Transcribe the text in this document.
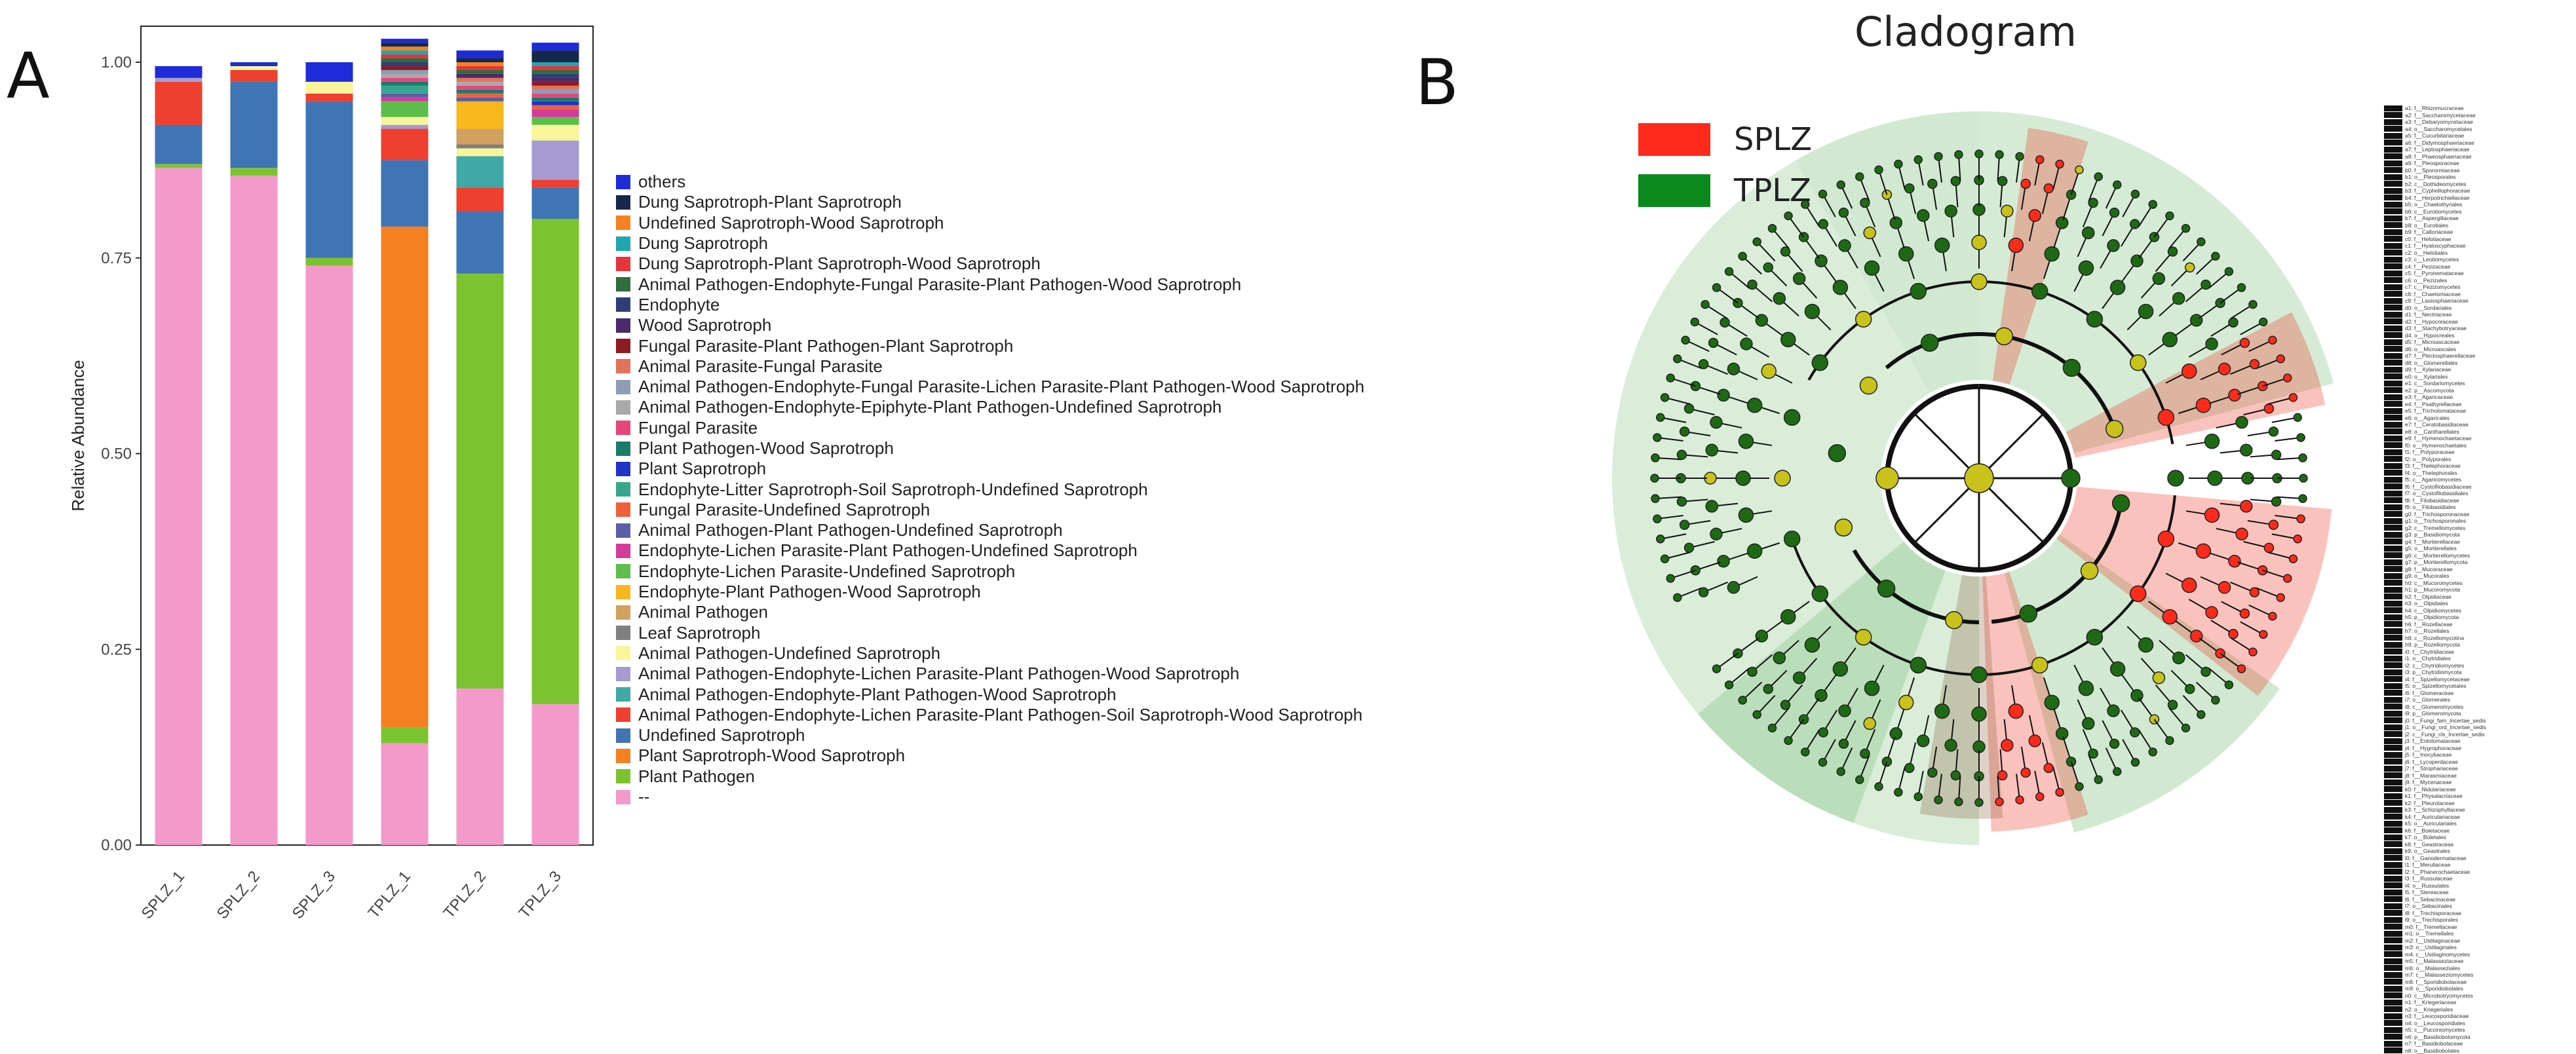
A	B
0.00
0.25
0.50
0.75
1.00
SPLZ_1 SPLZ_2 SPLZ_3 TPLZ_1 TPLZ_2 TPLZ_3
Relative Abundance
others
Dung Saprotroph-Plant Saprotroph
Undefined Saprotroph-Wood Saprotroph
Dung Saprotroph
Dung Saprotroph-Plant Saprotroph-Wood Saprotroph
Animal Pathogen-Endophyte-Fungal Parasite-Plant Pathogen-Wood Saprotroph
Endophyte
Wood Saprotroph
Fungal Parasite-Plant Pathogen-Plant Saprotroph
Animal Parasite-Fungal Parasite
Animal Pathogen-Endophyte-Fungal Parasite-Lichen Parasite-Plant Pathogen-Wood Saprotroph
Animal Pathogen-Endophyte-Epiphyte-Plant Pathogen-Undefined Saprotroph
Fungal Parasite
Plant Pathogen-Wood Saprotroph
Plant Saprotroph
Endophyte-Litter Saprotroph-Soil Saprotroph-Undefined Saprotroph
Fungal Parasite-Undefined Saprotroph
Animal Pathogen-Plant Pathogen-Undefined Saprotroph
Endophyte-Lichen Parasite-Plant Pathogen-Undefined Saprotroph
Endophyte-Lichen Parasite-Undefined Saprotroph
Endophyte-Plant Pathogen-Wood Saprotroph
Animal Pathogen
Leaf Saprotroph
Animal Pathogen-Undefined Saprotroph
Animal Pathogen-Endophyte-Lichen Parasite-Plant Pathogen-Wood Saprotroph
Animal Pathogen-Endophyte-Plant Pathogen-Wood Saprotroph
Animal Pathogen-Endophyte-Lichen Parasite-Plant Pathogen-Soil Saprotroph-Wood Saprotroph
Undefined Saprotroph
Plant Saprotroph-Wood Saprotroph
Plant Pathogen
--
Cladogram
SPLZ
TPLZ
a1: f__Rhizomucraceae
a2: f__Saccharomycetaceae
a3: f__Debaryomycetaceae
a4: o__Saccharomycetales
a5: f__Cucurbitariaceae
a6: f__Didymosphaeriaceae
a7: f__Leptosphaeriaceae
a8: f__Phaeosphaeriaceae
a9: f__Pleosporaceae
b0: f__Sporormiaceae
b1: o__Pleosporales
b2: c__Dothideomycetes
b3: f__Cyphellophoraceae
b4: f__Herpotrichiellaceae
b5: o__Chaetothyriales
b6: c__Eurotiomycetes
b7: f__Aspergillaceae
b8: o__Eurotiales
b9: f__Calloriaceae
c0: f__Helotiaceae
c1: f__Hyaloscyphaceae
c2: o__Helotiales
c3: c__Leotiomycetes
c4: f__Pezizaceae
c5: f__Pyronemataceae
c6: o__Pezizales
c7: c__Pezizomycetes
c8: f__Chaetomiaceae
c9: f__Lasiosphaeriaceae
d0: o__Sordariales
d1: f__Nectriaceae
d2: f__Hypocreaceae
d3: f__Stachybotryaceae
d4: o__Hypocreales
d5: f__Microascaceae
d6: o__Microascales
d7: f__Plectosphaerellaceae
d8: o__Glomerellales
d9: f__Xylariaceae
e0: o__Xylariales
e1: c__Sordariomycetes
e2: p__Ascomycota
e3: f__Agaricaceae
e4: f__Psathyrellaceae
e5: f__Tricholomataceae
e6: o__Agaricales
e7: f__Ceratobasidiaceae
e8: o__Cantharellales
e9: f__Hymenochaetaceae
f0: o__Hymenochaetales
f1: f__Polyporaceae
f2: o__Polyporales
f3: f__Thelephoraceae
f4: o__Thelephorales
f5: c__Agaricomycetes
f6: f__Cystofilobasidiaceae
f7: o__Cystofilobasidiales
f8: f__Filobasidiaceae
f9: o__Filobasidiales
g0: f__Trichosporonaceae
g1: o__Trichosporonales
g2: c__Tremellomycetes
g3: p__Basidiomycota
g4: f__Mortierellaceae
g5: o__Mortierellales
g6: c__Mortierellomycetes
g7: p__Mortierellomycota
g8: f__Mucoraceae
g9: o__Mucorales
h0: c__Mucoromycetes
h1: p__Mucoromycota
h2: f__Olpidiaceae
h3: o__Olpidiales
h4: c__Olpidiomycetes
h5: p__Olpidiomycota
h6: f__Rozellaceae
h7: o__Rozellales
h8: c__Rozellomycotina
h9: p__Rozellomycota
i0: f__Chytridiaceae
i1: o__Chytridiales
i2: c__Chytridiomycetes
i3: p__Chytridiomycota
i4: f__Spizellomycetaceae
i5: o__Spizellomycetales
i6: f__Glomeraceae
i7: o__Glomerales
i8: c__Glomeromycetes
i9: p__Glomeromycota
j0: f__Fungi_fam_Incertae_sedis
j1: o__Fungi_ord_Incertae_sedis
j2: c__Fungi_cls_Incertae_sedis
j3: f__Entolomataceae
j4: f__Hygrophoraceae
j5: f__Inocybaceae
j6: f__Lycoperdaceae
j7: f__Strophariaceae
j8: f__Marasmiaceae
j9: f__Mycenaceae
k0: f__Nidulariaceae
k1: f__Physalacriaceae
k2: f__Pleurotaceae
k3: f__Schizophyllaceae
k4: f__Auriculariaceae
k5: o__Auriculariales
k6: f__Boletaceae
k7: o__Boletales
k8: f__Geastraceae
k9: o__Geastrales
l0: f__Ganodermataceae
l1: f__Meruliaceae
l2: f__Phanerochaetaceae
l3: f__Russulaceae
l4: o__Russulales
l5: f__Stereaceae
l6: f__Sebacinaceae
l7: o__Sebacinales
l8: f__Trechisporaceae
l9: o__Trechisporales
m0: f__Tremellaceae
m1: o__Tremellales
m2: f__Ustilaginaceae
m3: o__Ustilaginales
m4: c__Ustilaginomycetes
m5: f__Malasseziaceae
m6: o__Malasseziales
m7: c__Malasseziomycetes
m8: f__Sporidiobolaceae
m9: o__Sporidiobolales
n0: c__Microbotryomycetes
n1: f__Kriegeriaceae
n2: o__Kriegeriales
n3: f__Leucosporidiaceae
n4: o__Leucosporidiales
n5: c__Pucciniomycetes
n6: p__Basidiobolomycota
n7: f__Basidiobolaceae
n8: o__Basidiobolales
